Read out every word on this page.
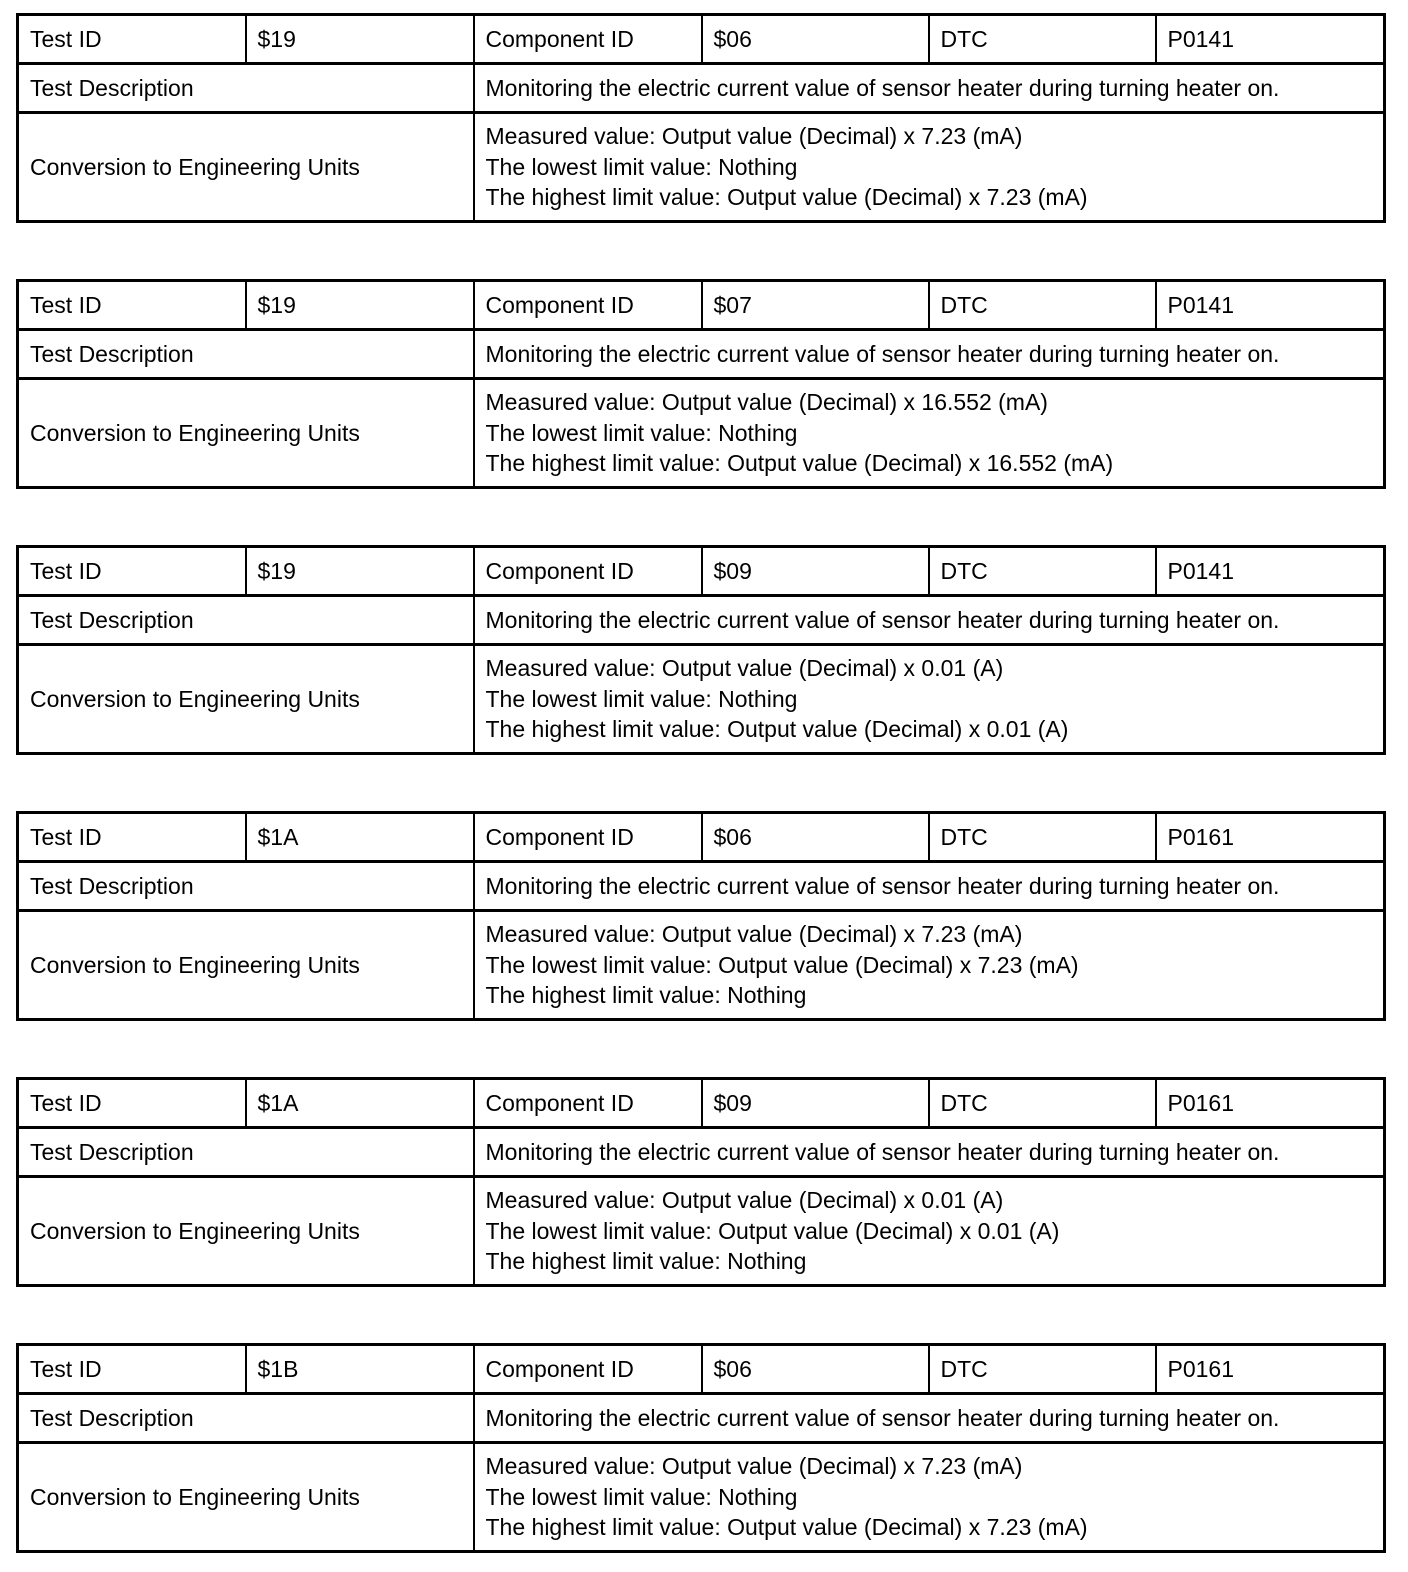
Test ID	$19	Component ID	$06	DTC	P0141
Test Description		Monitoring the electric current value of sensor heater during turning heater on.			
Conversion to Engineering Units		Measured value: Output value (Decimal) x 7.23 (mA)
The lowest limit value: Nothing
The highest limit value: Output value (Decimal) x 7.23 (mA)			
Test ID	$19	Component ID	$07	DTC	P0141
Test Description		Monitoring the electric current value of sensor heater during turning heater on.			
Conversion to Engineering Units		Measured value: Output value (Decimal) x 16.552 (mA)
The lowest limit value: Nothing
The highest limit value: Output value (Decimal) x 16.552 (mA)			
Test ID	$19	Component ID	$09	DTC	P0141
Test Description		Monitoring the electric current value of sensor heater during turning heater on.			
Conversion to Engineering Units		Measured value: Output value (Decimal) x 0.01 (A)
The lowest limit value: Nothing
The highest limit value: Output value (Decimal) x 0.01 (A)			
Test ID	$1A	Component ID	$06	DTC	P0161
Test Description		Monitoring the electric current value of sensor heater during turning heater on.			
Conversion to Engineering Units		Measured value: Output value (Decimal) x 7.23 (mA)
The lowest limit value: Output value (Decimal) x 7.23 (mA)
The highest limit value: Nothing			
Test ID	$1A	Component ID	$09	DTC	P0161
Test Description		Monitoring the electric current value of sensor heater during turning heater on.			
Conversion to Engineering Units		Measured value: Output value (Decimal) x 0.01 (A)
The lowest limit value: Output value (Decimal) x 0.01 (A)
The highest limit value: Nothing			
Test ID	$1B	Component ID	$06	DTC	P0161
Test Description		Monitoring the electric current value of sensor heater during turning heater on.			
Conversion to Engineering Units		Measured value: Output value (Decimal) x 7.23 (mA)
The lowest limit value: Nothing
The highest limit value: Output value (Decimal) x 7.23 (mA)			
